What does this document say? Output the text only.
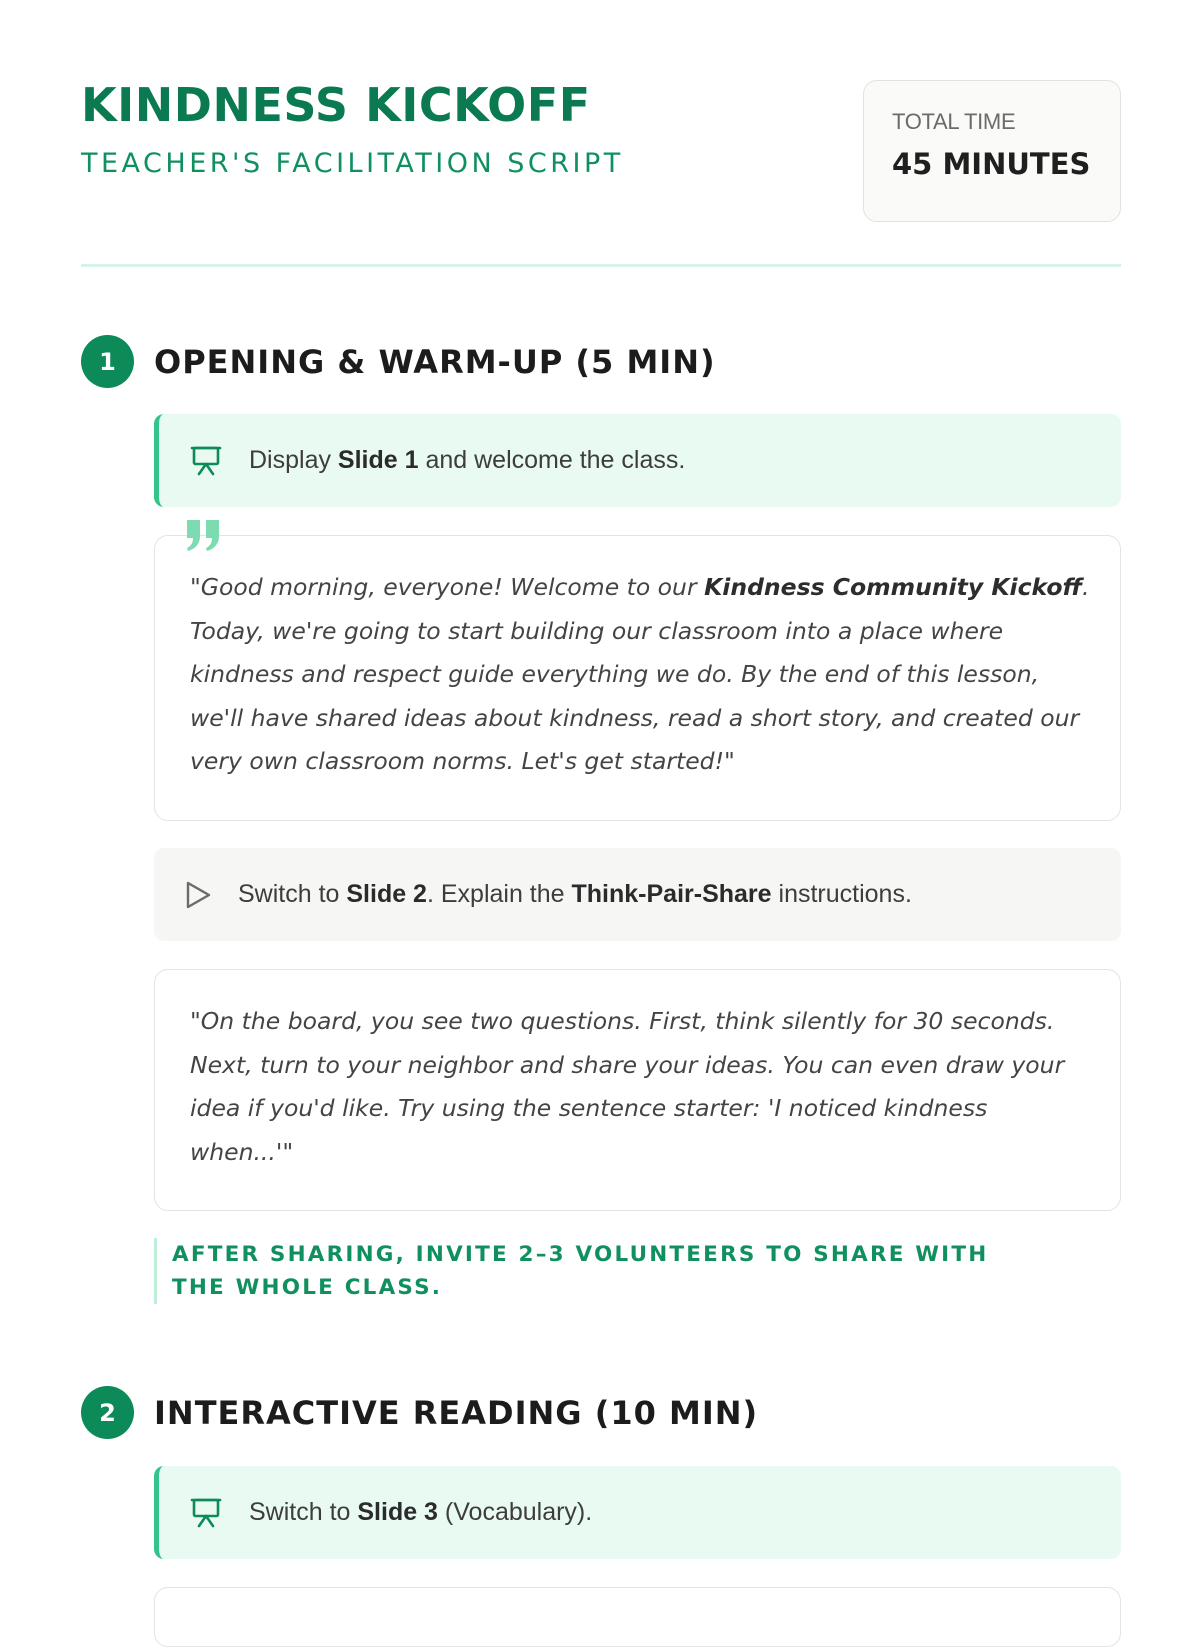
KINDNESS KICKOFF
TEACHER'S FACILITATION SCRIPT
TOTAL TIME
45 MINUTES
1	OPENING & WARM-UP (5 MIN)
Display Slide 1 and welcome the class.
"Good morning, everyone! Welcome to our Kindness Community Kickoff. Today, we're going to start building our classroom into a place where kindness and respect guide everything we do. By the end of this lesson, we'll have shared ideas about kindness, read a short story, and created our very own classroom norms. Let's get started!"
Switch to Slide 2. Explain the Think-Pair-Share instructions.
"On the board, you see two questions. First, think silently for 30 seconds. Next, turn to your neighbor and share your ideas. You can even draw your idea if you'd like. Try using the sentence starter: 'I noticed kindness when...'"
AFTER SHARING, INVITE 2–3 VOLUNTEERS TO SHARE WITH THE WHOLE CLASS.
2	INTERACTIVE READING (10 MIN)
Switch to Slide 3 (Vocabulary).
